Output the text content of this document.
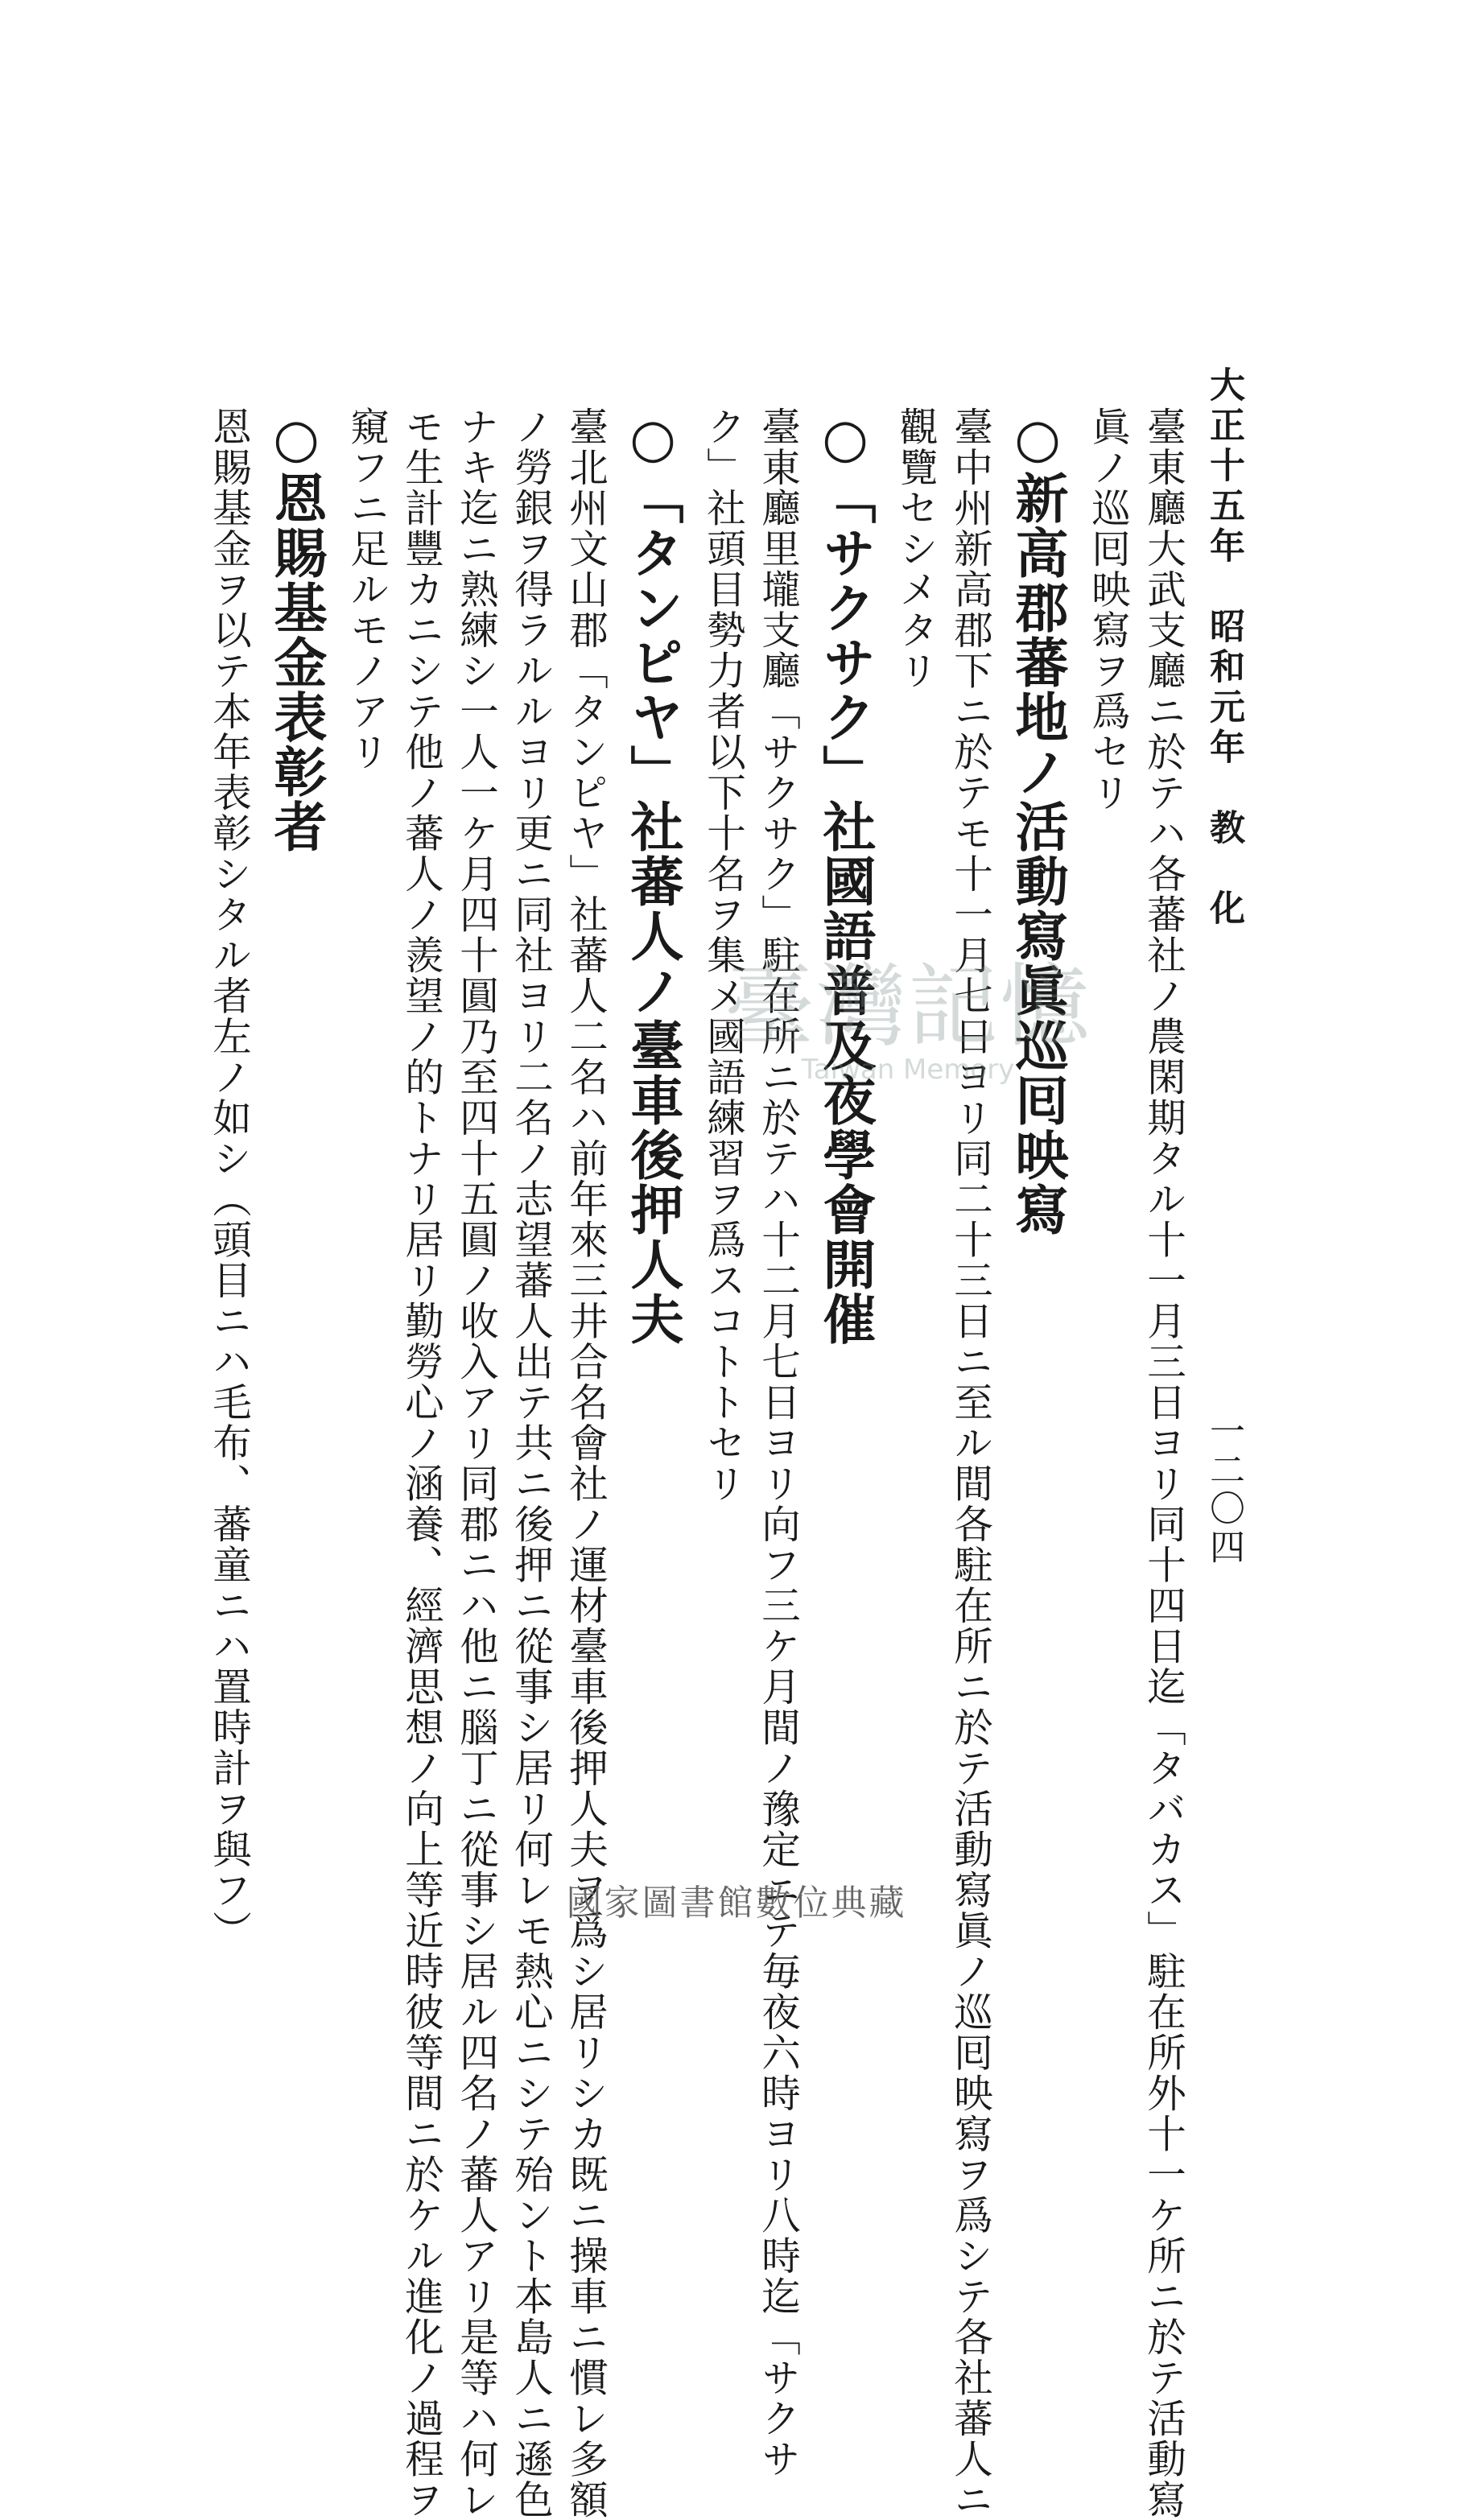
大正十五年　昭和元年　教　化
一二〇四
臺東廳大武支廳ニ於テハ各蕃社ノ農閑期タル十一月三日ヨリ同十四日迄「タバカス」駐在所外十一ケ所ニ於テ活動寫
眞ノ巡囘映寫ヲ爲セリ
○新高郡蕃地ノ活動寫眞巡囘映寫
臺中州新高郡下ニ於テモ十一月七日ヨリ同二十三日ニ至ル間各駐在所ニ於テ活動寫眞ノ巡囘映寫ヲ爲シテ各社蕃人ニ
觀覽セシメタリ
○「サクサク」社國語普及夜學會開催
臺東廳里壠支廳「サクサク」駐在所ニ於テハ十二月七日ヨリ向フ三ケ月間ノ豫定ニテ毎夜六時ヨリ八時迄「サクサ
ク」社頭目勢力者以下十名ヲ集メ國語練習ヲ爲スコトトセリ
○「タンピヤ」社蕃人ノ臺車後押人夫
臺北州文山郡「タンピヤ」社蕃人二名ハ前年來三井合名會社ノ運材臺車後押人夫ヲ爲シ居リシカ既ニ操車ニ慣レ多額
ノ勞銀ヲ得ラルルヨリ更ニ同社ヨリ二名ノ志望蕃人出テ共ニ後押ニ從事シ居リ何レモ熱心ニシテ殆ント本島人ニ遜色
ナキ迄ニ熟練シ一人一ケ月四十圓乃至四十五圓ノ收入アリ同郡ニハ他ニ腦丁ニ從事シ居ル四名ノ蕃人アリ是等ハ何レ
モ生計豐カニシテ他ノ蕃人ノ羨望ノ的トナリ居リ勤勞心ノ涵養、經濟思想ノ向上等近時彼等間ニ於ケル進化ノ過程ヲ
窺フニ足ルモノアリ
○恩賜基金表彰者
恩賜基金ヲ以テ本年表彰シタル者左ノ如シ（頭目ニハ毛布、蕃童ニハ置時計ヲ與フ）	臺灣記憶
Taiwan Memory
國家圖書館數位典藏
